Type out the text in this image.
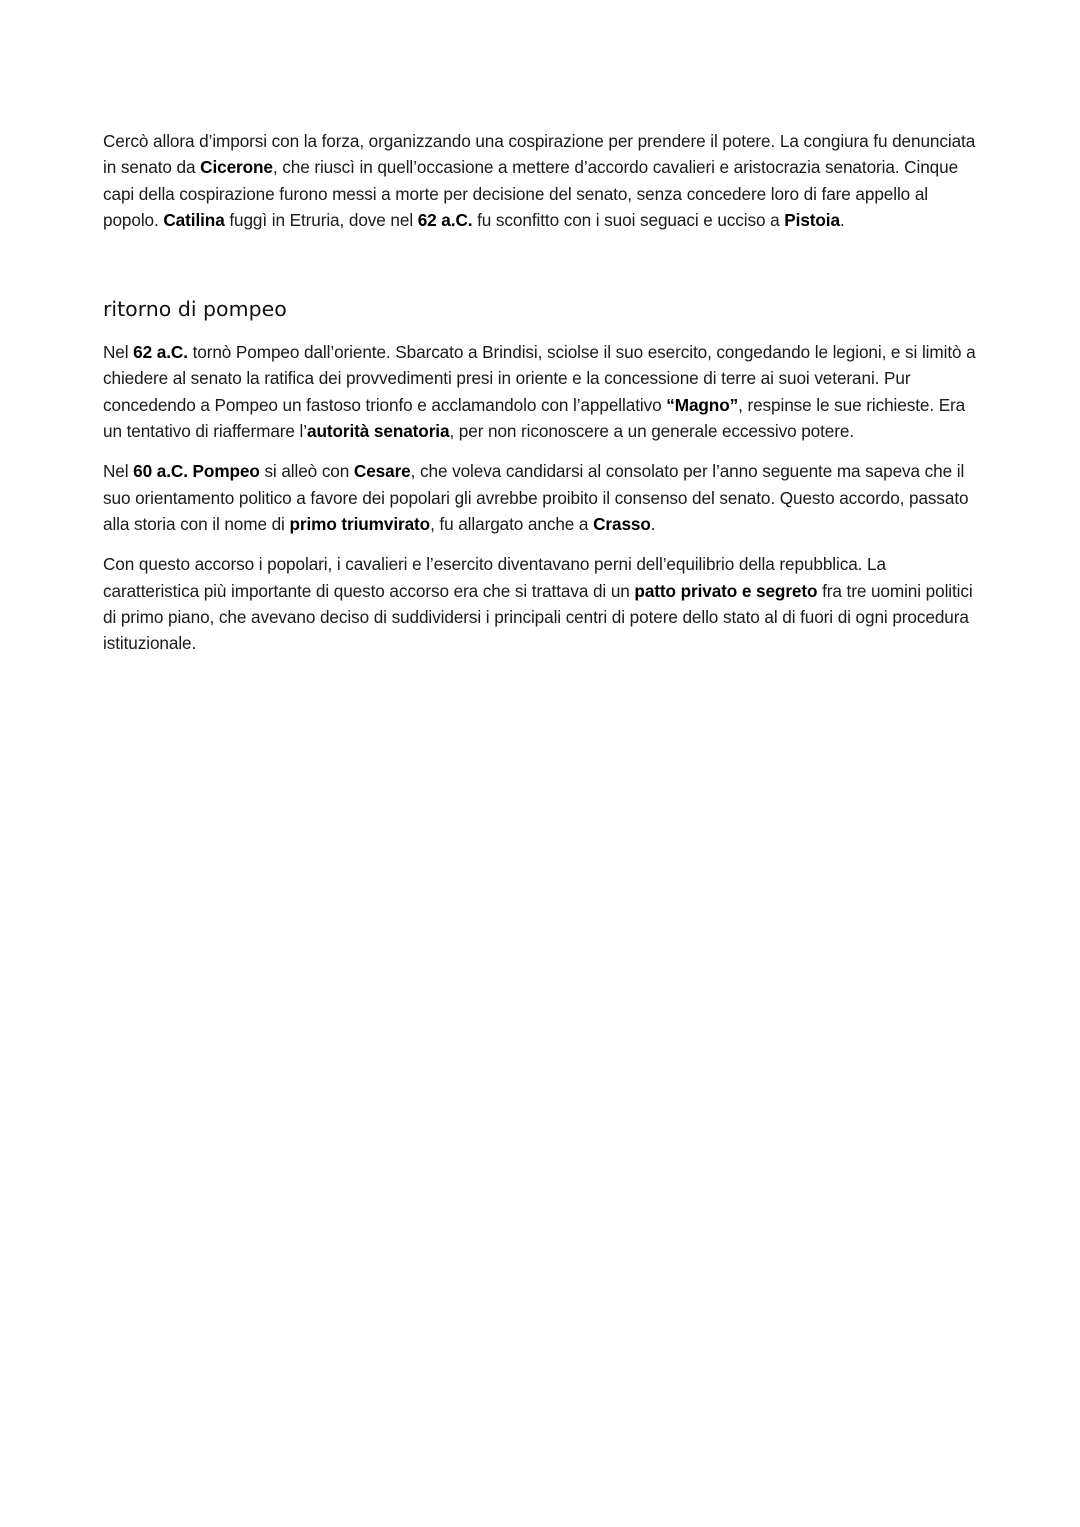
Cercò allora d’imporsi con la forza, organizzando una cospirazione per prendere il potere. La congiura fu denunciata in senato da Cicerone, che riuscì in quell’occasione a mettere d’accordo cavalieri e aristocrazia senatoria. Cinque capi della cospirazione furono messi a morte per decisione del senato, senza concedere loro di fare appello al popolo. Catilina fuggì in Etruria, dove nel 62 a.C. fu sconfitto con i suoi seguaci e ucciso a Pistoia.

ritorno di pompeo

Nel 62 a.C. tornò Pompeo dall’oriente. Sbarcato a Brindisi, sciolse il suo esercito, congedando le legioni, e si limitò a chiedere al senato la ratifica dei provvedimenti presi in oriente e la concessione di terre ai suoi veterani. Pur concedendo a Pompeo un fastoso trionfo e acclamandolo con l’appellativo “Magno”, respinse le sue richieste. Era un tentativo di riaffermare l’autorità senatoria, per non riconoscere a un generale eccessivo potere.

Nel 60 a.C. Pompeo si alleò con Cesare, che voleva candidarsi al consolato per l’anno seguente ma sapeva che il suo orientamento politico a favore dei popolari gli avrebbe proibito il consenso del senato. Questo accordo, passato alla storia con il nome di primo triumvirato, fu allargato anche a Crasso.

Con questo accorso i popolari, i cavalieri e l’esercito diventavano perni dell’equilibrio della repubblica. La caratteristica più importante di questo accorso era che si trattava di un patto privato e segreto fra tre uomini politici di primo piano, che avevano deciso di suddividersi i principali centri di potere dello stato al di fuori di ogni procedura istituzionale.
